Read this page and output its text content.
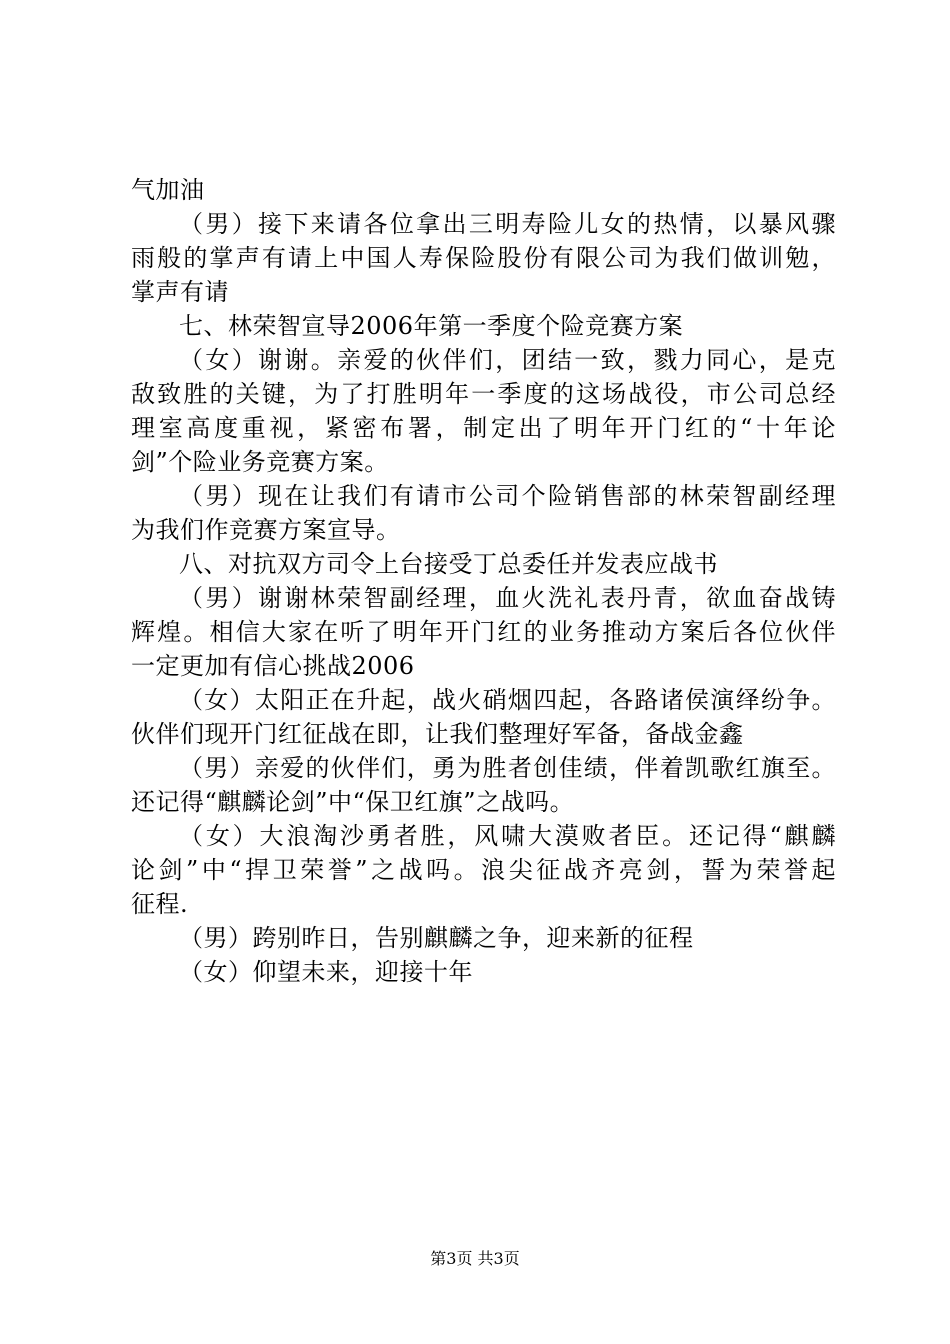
气加油
（男）接下来请各位拿出三明寿险儿女的热情，以暴风骤
雨般的掌声有请上中国人寿保险股份有限公司为我们做训勉，
掌声有请
七、林荣智宣导2006年第一季度个险竞赛方案
（女）谢谢。亲爱的伙伴们，团结一致，戮力同心，是克
敌致胜的关键，为了打胜明年一季度的这场战役，市公司总经
理室高度重视，紧密布署，制定出了明年开门红的“十年论
剑”个险业务竞赛方案。
（男）现在让我们有请市公司个险销售部的林荣智副经理
为我们作竞赛方案宣导。
八、对抗双方司令上台接受丁总委任并发表应战书
（男）谢谢林荣智副经理，血火洗礼表丹青，欲血奋战铸
辉煌。相信大家在听了明年开门红的业务推动方案后各位伙伴
一定更加有信心挑战2006
（女）太阳正在升起，战火硝烟四起，各路诸侯演绎纷争。
伙伴们现开门红征战在即，让我们整理好军备，备战金鑫
（男）亲爱的伙伴们，勇为胜者创佳绩，伴着凯歌红旗至。
还记得“麒麟论剑”中“保卫红旗”之战吗。
（女）大浪淘沙勇者胜，风啸大漠败者臣。还记得“麒麟
论剑”中“捍卫荣誉”之战吗。浪尖征战齐亮剑，誓为荣誉起
征程.
（男）跨别昨日，告别麒麟之争，迎来新的征程
（女）仰望未来，迎接十年
第3页 共3页
